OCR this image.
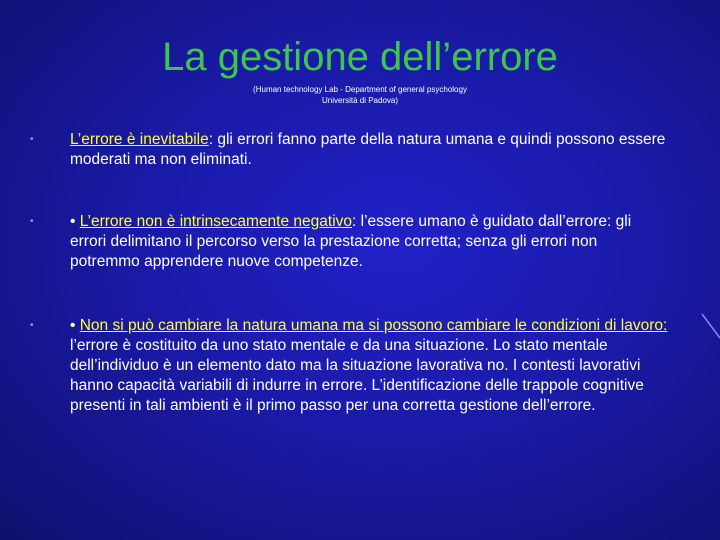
La gestione dell’errore
(Human technology Lab - Department of general psychology
Università di Padova)
• L’errore è inevitabile: gli errori fanno parte della natura umana e quindi possono essere moderati ma non eliminati.
• • L’errore non è intrinsecamente negativo: l’essere umano è guidato dall’errore: gli errori delimitano il percorso verso la prestazione corretta; senza gli errori non potremmo apprendere nuove competenze.
• • Non si può cambiare la natura umana ma si possono cambiare le condizioni di lavoro: l’errore è costituito da uno stato mentale e da una situazione. Lo stato mentale dell’individuo è un elemento dato ma la situazione lavorativa no. I contesti lavorativi hanno capacità variabili di indurre in errore. L’identificazione delle trappole cognitive presenti in tali ambienti è il primo passo per una corretta gestione dell’errore.
